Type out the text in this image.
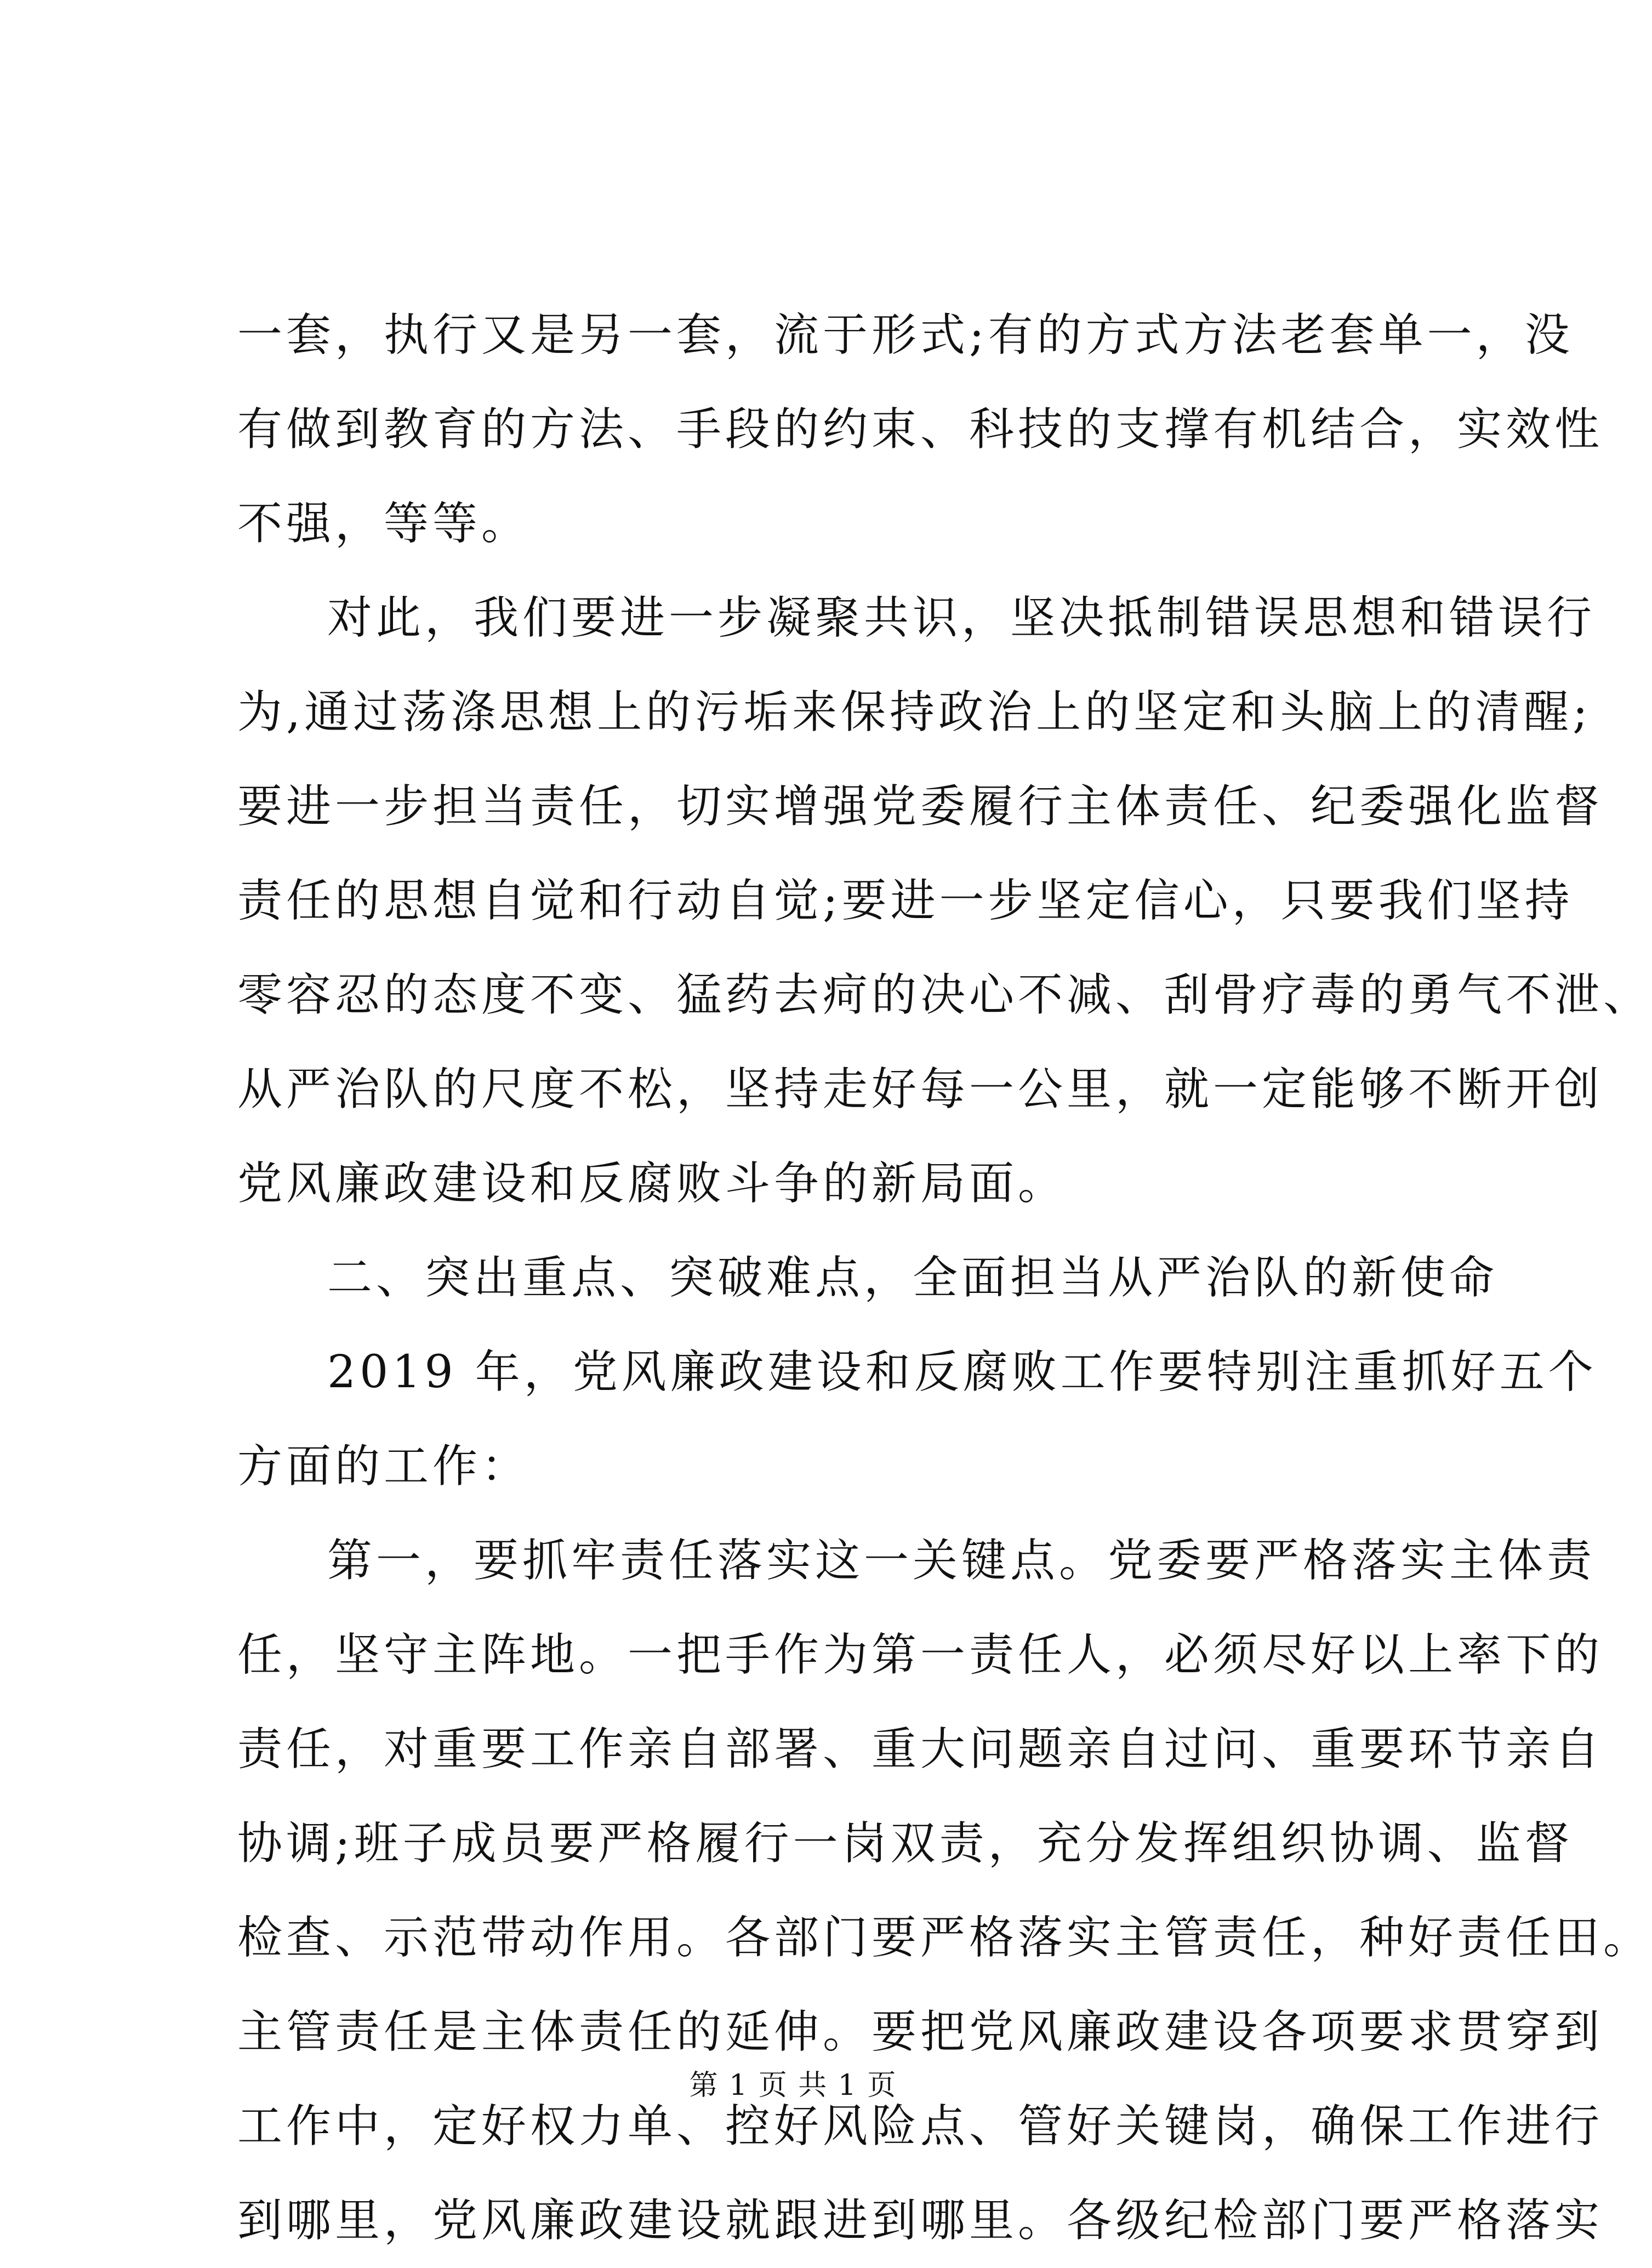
一套，执行又是另一套，流于形式;有的方式方法老套单一，没
有做到教育的方法、手段的约束、科技的支撑有机结合，实效性
不强，等等。
对此，我们要进一步凝聚共识，坚决抵制错误思想和错误行
为,通过荡涤思想上的污垢来保持政治上的坚定和头脑上的清醒;
要进一步担当责任，切实增强党委履行主体责任、纪委强化监督
责任的思想自觉和行动自觉;要进一步坚定信心，只要我们坚持
零容忍的态度不变、猛药去疴的决心不减、刮骨疗毒的勇气不泄、
从严治队的尺度不松，坚持走好每一公里，就一定能够不断开创
党风廉政建设和反腐败斗争的新局面。
二、突出重点、突破难点，全面担当从严治队的新使命
2019 年，党风廉政建设和反腐败工作要特别注重抓好五个
方面的工作：
第一，要抓牢责任落实这一关键点。党委要严格落实主体责
任，坚守主阵地。一把手作为第一责任人，必须尽好以上率下的
责任，对重要工作亲自部署、重大问题亲自过问、重要环节亲自
协调;班子成员要严格履行一岗双责，充分发挥组织协调、监督
检查、示范带动作用。各部门要严格落实主管责任，种好责任田。
主管责任是主体责任的延伸。要把党风廉政建设各项要求贯穿到
工作中，定好权力单、控好风险点、管好关键岗，确保工作进行
到哪里，党风廉政建设就跟进到哪里。各级纪检部门要严格落实
第 1 页 共 1 页
